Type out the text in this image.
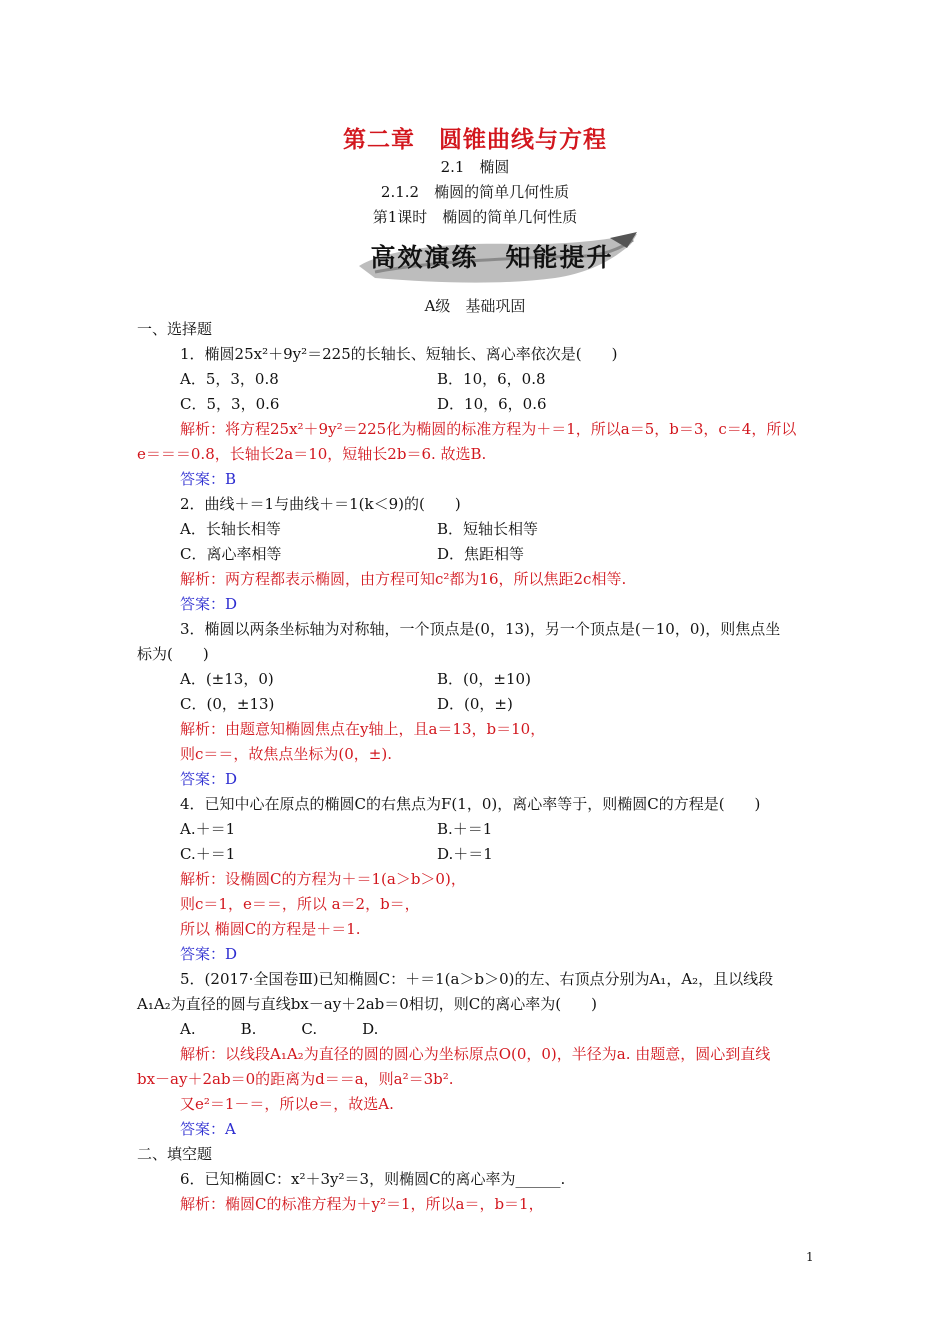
第二章　圆锥曲线与方程
2.1　椭圆
2.1.2　椭圆的简单几何性质
第1课时　椭圆的简单几何性质
高效演练　知能提升
A级　基础巩固
一、选择题
1．椭圆25x²＋9y²＝225的长轴长、短轴长、离心率依次是(　　)
A．5，3，0.8	B．10，6，0.8
C．5，3，0.6	D．10，6，0.6
解析：将方程25x²＋9y²＝225化为椭圆的标准方程为＋＝1，所以a＝5，b＝3，c＝4，所以
e＝＝＝0.8，长轴长2a＝10，短轴长2b＝6. 故选B.
答案：B
2．曲线＋＝1与曲线＋＝1(k＜9)的(　　)
A．长轴长相等	B．短轴长相等
C．离心率相等	D．焦距相等
解析：两方程都表示椭圆，由方程可知c²都为16，所以焦距2c相等.
答案：D
3．椭圆以两条坐标轴为对称轴，一个顶点是(0，13)，另一个顶点是(－10，0)，则焦点坐
标为(　　)
A．(±13，0)	B．(0，±10)
C．(0，±13)	D．(0，±)
解析：由题意知椭圆焦点在y轴上，且a＝13，b＝10，
则c＝＝，故焦点坐标为(0，±).
答案：D
4．已知中心在原点的椭圆C的右焦点为F(1，0)，离心率等于，则椭圆C的方程是(　　)
A.＋＝1	B.＋＝1
C.＋＝1	D.＋＝1
解析：设椭圆C的方程为＋＝1(a＞b＞0)，
则c＝1，e＝＝，所以 a＝2，b＝，
所以 椭圆C的方程是＋＝1.
答案：D
5．(2017·全国卷Ⅲ)已知椭圆C：＋＝1(a＞b＞0)的左、右顶点分别为A₁，A₂，且以线段
A₁A₂为直径的圆与直线bx－ay＋2ab＝0相切，则C的离心率为(　　)
A.　　　B.　　　C.　　　D.
解析：以线段A₁A₂为直径的圆的圆心为坐标原点O(0，0)，半径为a. 由题意，圆心到直线
bx－ay＋2ab＝0的距离为d＝＝a，则a²＝3b².
又e²＝1－＝，所以e＝，故选A.
答案：A
二、填空题
6．已知椭圆C：x²＋3y²＝3，则椭圆C的离心率为______.
解析：椭圆C的标准方程为＋y²＝1，所以a＝，b＝1，
1
